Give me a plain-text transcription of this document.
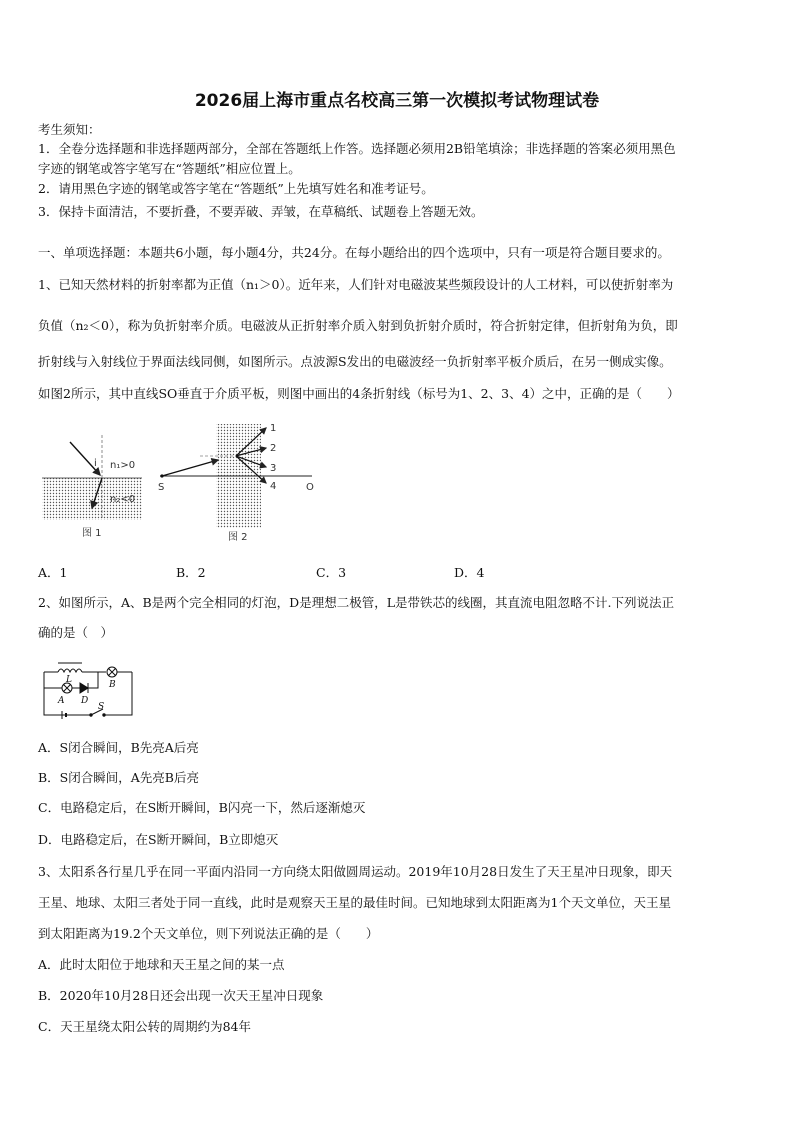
2026届上海市重点名校高三第一次模拟考试物理试卷
考生须知：
1．全卷分选择题和非选择题两部分，全部在答题纸上作答。选择题必须用2B铅笔填涂；非选择题的答案必须用黑色
字迹的钢笔或答字笔写在“答题纸”相应位置上。
2．请用黑色字迹的钢笔或答字笔在“答题纸”上先填写姓名和准考证号。
3．保持卡面清洁，不要折叠，不要弄破、弄皱，在草稿纸、试题卷上答题无效。
一、单项选择题：本题共6小题，每小题4分，共24分。在每小题给出的四个选项中，只有一项是符合题目要求的。
1、已知天然材料的折射率都为正值（n₁＞0）。近年来，人们针对电磁波某些频段设计的人工材料，可以使折射率为
负值（n₂＜0），称为负折射率介质。电磁波从正折射率介质入射到负折射介质时，符合折射定律，但折射角为负，即
折射线与入射线位于界面法线同侧，如图所示。点波源S发出的电磁波经一负折射率平板介质后，在另一侧成实像。
如图2所示，其中直线SO垂直于介质平板，则图中画出的4条折射线（标号为1、2、3、4）之中，正确的是（　　）
i n₁>0
n₂<0
图 1
1
2
3
4
S	O
图 2
A．1	B．2	C．3	D．4
2、如图所示，A、B是两个完全相同的灯泡，D是理想二极管，L是带铁芯的线圈，其直流电阻忽略不计.下列说法正
确的是（　）
L	B
A D
S
A．S闭合瞬间，B先亮A后亮
B．S闭合瞬间，A先亮B后亮
C．电路稳定后，在S断开瞬间，B闪亮一下，然后逐渐熄灭
D．电路稳定后，在S断开瞬间，B立即熄灭
3、太阳系各行星几乎在同一平面内沿同一方向绕太阳做圆周运动。2019年10月28日发生了天王星冲日现象，即天
王星、地球、太阳三者处于同一直线，此时是观察天王星的最佳时间。已知地球到太阳距离为1个天文单位，天王星
到太阳距离为19.2个天文单位，则下列说法正确的是（　　）
A．此时太阳位于地球和天王星之间的某一点
B．2020年10月28日还会出现一次天王星冲日现象
C．天王星绕太阳公转的周期约为84年
